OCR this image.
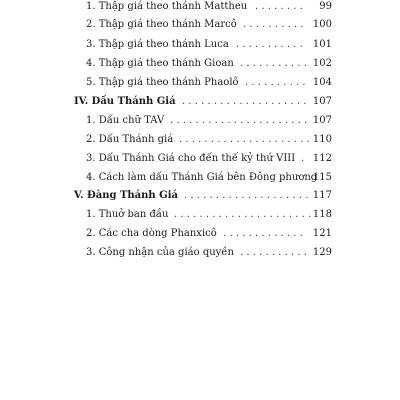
1. Thập giá theo thánh Mattheu ........	99
2. Thập giá theo thánh Marcô .......... 100
3. Thập giá theo thánh Luca ........... 101
4. Thập giá theo thánh Gioan ........... 102
5. Thập giá theo thánh Phaolô .......... 104
IV. Dấu Thánh Giá .................... 107
1. Dấu chữ TAV ...................... 107
2. Dấu Thánh giá ..................... 110
3. Dấu Thánh Giá cho đến thế kỷ thứ VIII . 112
4. Cách làm dấu Thánh Giá bên Đông phương
115
V. Đàng Thánh Giá .................... 117
1. Thuở ban đầu ......................
118
2. Các cha dòng Phanxicô ............. 121
3. Công nhận của giáo quyền ........... 129
